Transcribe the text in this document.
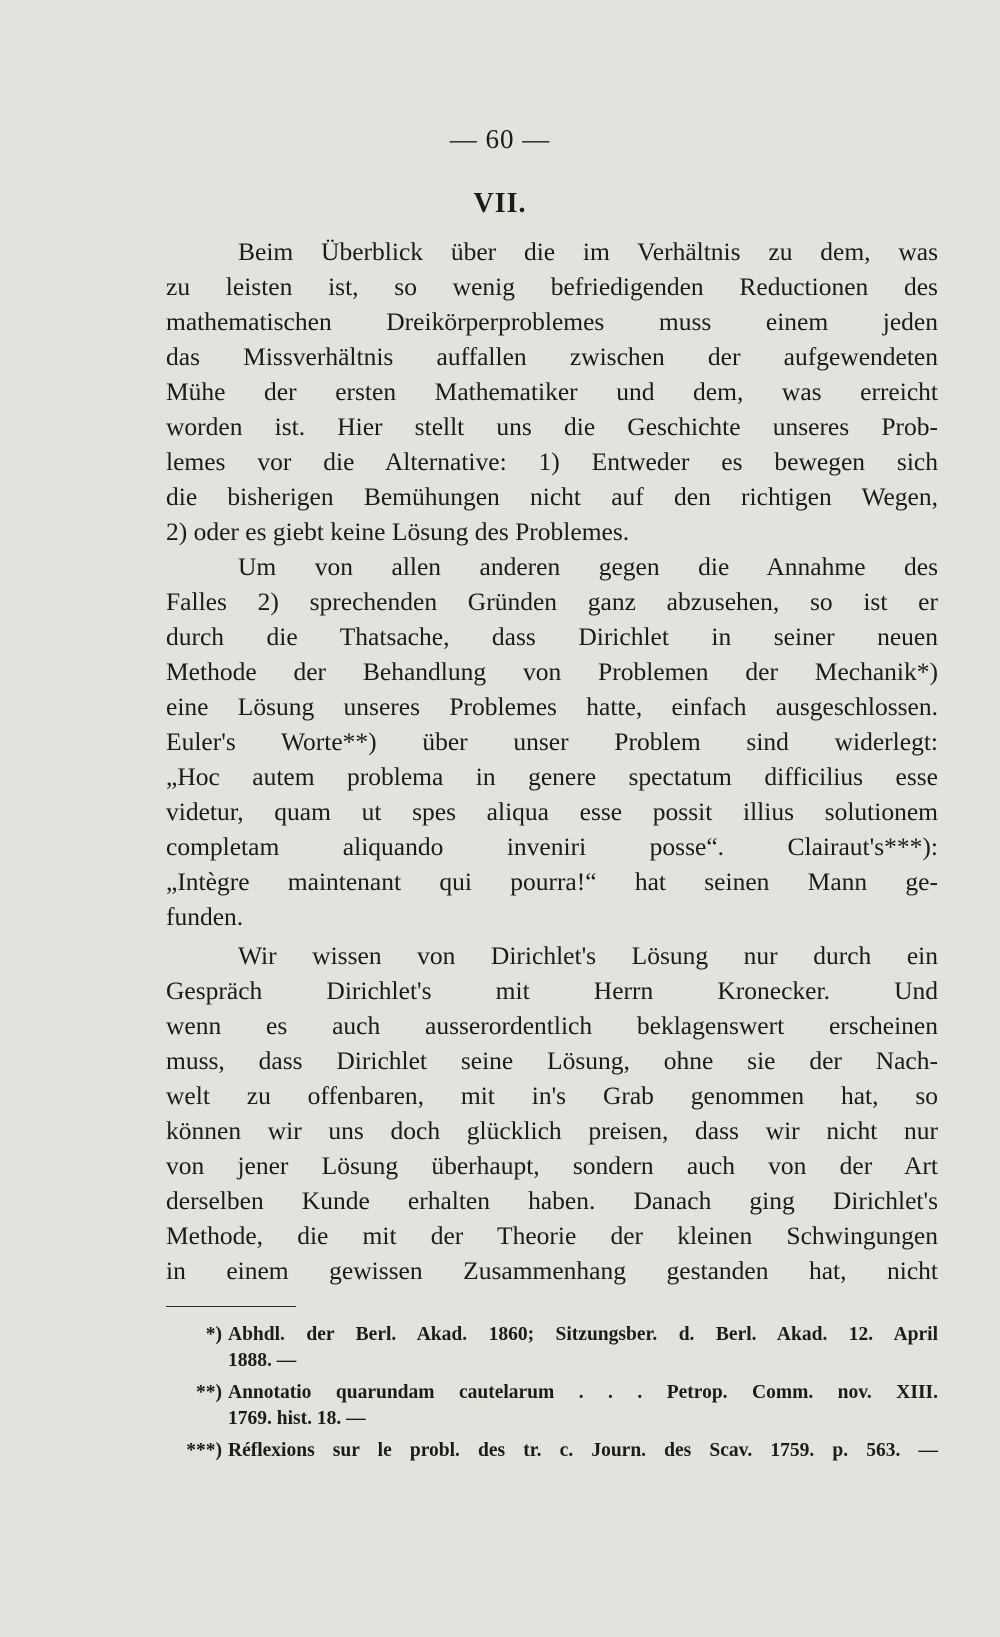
— 60 —
VII.
Beim Überblick über die im Verhältnis zu dem, was
zu leisten ist, so wenig befriedigenden Reductionen des
mathematischen Dreikörperproblemes muss einem jeden
das Missverhältnis auffallen zwischen der aufgewendeten
Mühe der ersten Mathematiker und dem, was erreicht
worden ist. Hier stellt uns die Geschichte unseres Prob-
lemes vor die Alternative: 1) Entweder es bewegen sich
die bisherigen Bemühungen nicht auf den richtigen Wegen,
2) oder es giebt keine Lösung des Problemes.
Um von allen anderen gegen die Annahme des
Falles 2) sprechenden Gründen ganz abzusehen, so ist er
durch die Thatsache, dass Dirichlet in seiner neuen
Methode der Behandlung von Problemen der Mechanik*)
eine Lösung unseres Problemes hatte, einfach ausgeschlossen.
Euler's Worte**) über unser Problem sind widerlegt:
„Hoc autem problema in genere spectatum difficilius esse
videtur, quam ut spes aliqua esse possit illius solutionem
completam aliquando inveniri posse“. Clairaut's***):
„Intègre maintenant qui pourra!“ hat seinen Mann ge-
funden.
Wir wissen von Dirichlet's Lösung nur durch ein
Gespräch Dirichlet's mit Herrn Kronecker. Und
wenn es auch ausserordentlich beklagenswert erscheinen
muss, dass Dirichlet seine Lösung, ohne sie der Nach-
welt zu offenbaren, mit in's Grab genommen hat, so
können wir uns doch glücklich preisen, dass wir nicht nur
von jener Lösung überhaupt, sondern auch von der Art
derselben Kunde erhalten haben. Danach ging Dirichlet's
Methode, die mit der Theorie der kleinen Schwingungen
in einem gewissen Zusammenhang gestanden hat, nicht
*) Abhdl. der Berl. Akad. 1860; Sitzungsber. d. Berl. Akad. 12. April
1888. —
**) Annotatio quarundam cautelarum . . . Petrop. Comm. nov. XIII.
1769. hist. 18. —
***) Réflexions sur le probl. des tr. c. Journ. des Scav. 1759. p. 563. —
